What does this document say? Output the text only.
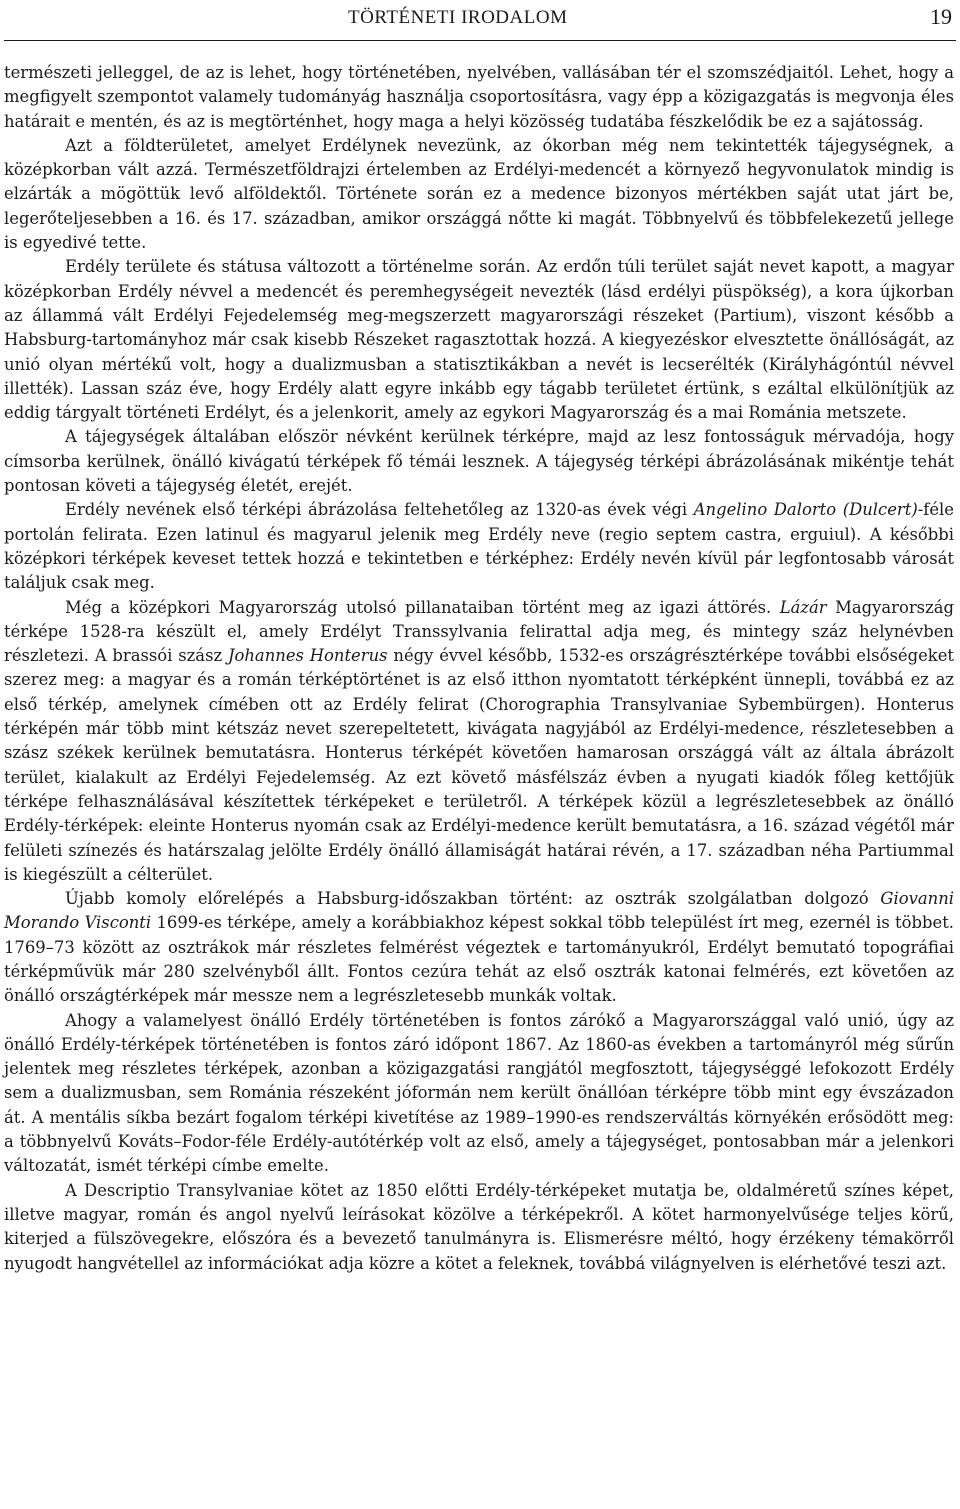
TÖRTÉNETI IRODALOM	19

természeti jelleggel, de az is lehet, hogy történetében, nyelvében, vallásában tér el szomszédjaitól. Lehet, hogy a megfigyelt szempontot valamely tudományág használja csoportosításra, vagy épp a közigazgatás is megvonja éles határait e mentén, és az is megtörténhet, hogy maga a helyi közösség tudatába fészkelődik be ez a sajátosság.

Azt a földterületet, amelyet Erdélynek nevezünk, az ókorban még nem tekintették tájegységnek, a középkorban vált azzá. Természetföldrajzi értelemben az Erdélyi-medencét a környező hegyvonulatok mindig is elzárták a mögöttük levő alföldektől. Története során ez a medence bizonyos mértékben saját utat járt be, legerőteljesebben a 16. és 17. században, amikor országgá nőtte ki magát. Többnyelvű és többfelekezetű jellege is egyedivé tette.

Erdély területe és státusa változott a történelme során. Az erdőn túli terület saját nevet kapott, a magyar középkorban Erdély névvel a medencét és peremhegységeit nevezték (lásd erdélyi püspökség), a kora újkorban az állammá vált Erdélyi Fejedelemség meg-megszerzett magyarországi részeket (Partium), viszont később a Habsburg-tartományhoz már csak kisebb Részeket ragasztottak hozzá. A kiegyezéskor elvesztette önállóságát, az unió olyan mértékű volt, hogy a dualizmusban a statisztikákban a nevét is lecserélték (Királyhágóntúl névvel illették). Lassan száz éve, hogy Erdély alatt egyre inkább egy tágabb területet értünk, s ezáltal elkülönítjük az eddig tárgyalt történeti Erdélyt, és a jelenkorit, amely az egykori Magyarország és a mai Románia metszete.

A tájegységek általában először névként kerülnek térképre, majd az lesz fontosságuk mérvadója, hogy címsorba kerülnek, önálló kivágatú térképek fő témái lesznek. A tájegység térképi ábrázolásának mikéntje tehát pontosan követi a tájegység életét, erejét.

Erdély nevének első térképi ábrázolása feltehetőleg az 1320-as évek végi Angelino Dalorto (Dulcert)-féle portolán felirata. Ezen latinul és magyarul jelenik meg Erdély neve (regio septem castra, erguiul). A későbbi középkori térképek keveset tettek hozzá e tekintetben e térképhez: Erdély nevén kívül pár legfontosabb városát találjuk csak meg.

Még a középkori Magyarország utolsó pillanataiban történt meg az igazi áttörés. Lázár Magyarország térképe 1528-ra készült el, amely Erdélyt Transsylvania felirattal adja meg, és mintegy száz helynévben részletezi. A brassói szász Johannes Honterus négy évvel később, 1532-es országrésztérképe további elsőségeket szerez meg: a magyar és a román térképtörténet is az első itthon nyomtatott térképként ünnepli, továbbá ez az első térkép, amelynek címében ott az Erdély felirat (Chorographia Transylvaniae Sybembürgen). Honterus térképén már több mint kétszáz nevet szerepeltetett, kivágata nagyjából az Erdélyi-medence, részletesebben a szász székek kerülnek bemutatásra. Honterus térképét követően hamarosan országgá vált az általa ábrázolt terület, kialakult az Erdélyi Fejedelemség. Az ezt követő másfélszáz évben a nyugati kiadók főleg kettőjük térképe felhasználásával készítettek térképeket e területről. A térképek közül a legrészletesebbek az önálló Erdély-térképek: eleinte Honterus nyomán csak az Erdélyi-medence került bemutatásra, a 16. század végétől már felületi színezés és határszalag jelölte Erdély önálló államiságát határai révén, a 17. században néha Partiummal is kiegészült a célterület.

Újabb komoly előrelépés a Habsburg-időszakban történt: az osztrák szolgálatban dolgozó Giovanni Morando Visconti 1699-es térképe, amely a korábbiakhoz képest sokkal több települést írt meg, ezernél is többet. 1769–73 között az osztrákok már részletes felmérést végeztek e tartományukról, Erdélyt bemutató topográfiai térképművük már 280 szelvényből állt. Fontos cezúra tehát az első osztrák katonai felmérés, ezt követően az önálló országtérképek már messze nem a legrészletesebb munkák voltak.

Ahogy a valamelyest önálló Erdély történetében is fontos zárókő a Magyarországgal való unió, úgy az önálló Erdély-térképek történetében is fontos záró időpont 1867. Az 1860-as években a tartományról még sűrűn jelentek meg részletes térképek, azonban a közigazgatási rangjától megfosztott, tájegységgé lefokozott Erdély sem a dualizmusban, sem Románia részeként jóformán nem került önállóan térképre több mint egy évszázadon át. A mentális síkba bezárt fogalom térképi kivetítése az 1989–1990-es rendszerváltás környékén erősödött meg: a többnyelvű Kováts–Fodor-féle Erdély-autótérkép volt az első, amely a tájegységet, pontosabban már a jelenkori változatát, ismét térképi címbe emelte.

A Descriptio Transylvaniae kötet az 1850 előtti Erdély-térképeket mutatja be, oldalméretű színes képet, illetve magyar, román és angol nyelvű leírásokat közölve a térképekről. A kötet harmonyelvűsége teljes körű, kiterjed a fülszövegekre, előszóra és a bevezető tanulmányra is. Elismerésre méltó, hogy érzékeny témakörről nyugodt hangvétellel az információkat adja közre a kötet a feleknek, továbbá világnyelven is elérhetővé teszi azt.
